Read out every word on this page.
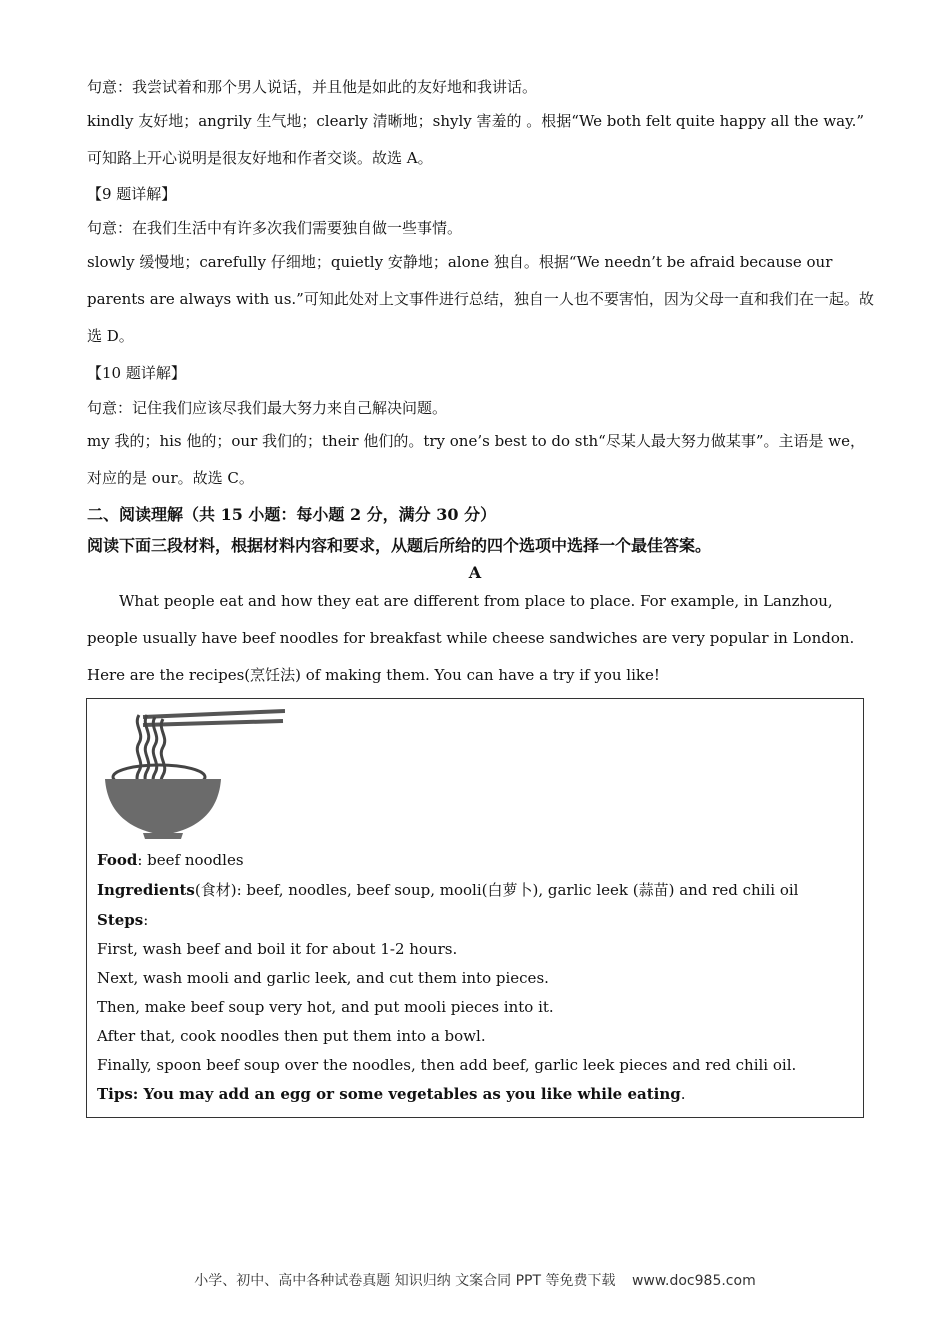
句意：我尝试着和那个男人说话，并且他是如此的友好地和我讲话。
kindly 友好地；angrily 生气地；clearly 清晰地；shyly 害羞的 。根据“We both felt quite happy all the way.”
可知路上开心说明是很友好地和作者交谈。故选 A。
【9 题详解】
句意：在我们生活中有许多次我们需要独自做一些事情。
slowly 缓慢地；carefully 仔细地；quietly 安静地；alone 独自。根据“We needn’t be afraid because our parents are always with us.”可知此处对上文事件进行总结，独自一人也不要害怕，因为父母一直和我们在一起。故选 D。
【10 题详解】
句意：记住我们应该尽我们最大努力来自己解决问题。
my 我的；his 他的；our 我们的；their 他们的。try one’s best to do sth“尽某人最大努力做某事”。主语是 we，对应的是 our。故选 C。
二、阅读理解（共 15 小题：每小题 2 分，满分 30 分）
阅读下面三段材料，根据材料内容和要求，从题后所给的四个选项中选择一个最佳答案。
A
What people eat and how they eat are different from place to place. For example, in Lanzhou, people usually have beef noodles for breakfast while cheese sandwiches are very popular in London. Here are the recipes(烹饪法) of making them. You can have a try if you like!
Food: beef noodles
Ingredients(食材): beef, noodles, beef soup, mooli(白萝卜), garlic leek (蒜苗) and red chili oil
Steps:
First, wash beef and boil it for about 1-2 hours.
Next, wash mooli and garlic leek, and cut them into pieces.
Then, make beef soup very hot, and put mooli pieces into it.
After that, cook noodles then put them into a bowl.
Finally, spoon beef soup over the noodles, then add beef, garlic leek pieces and red chili oil.
Tips: You may add an egg or some vegetables as you like while eating.
小学、初中、高中各种试卷真题 知识归纳 文案合同 PPT 等免费下载 www.doc985.com
